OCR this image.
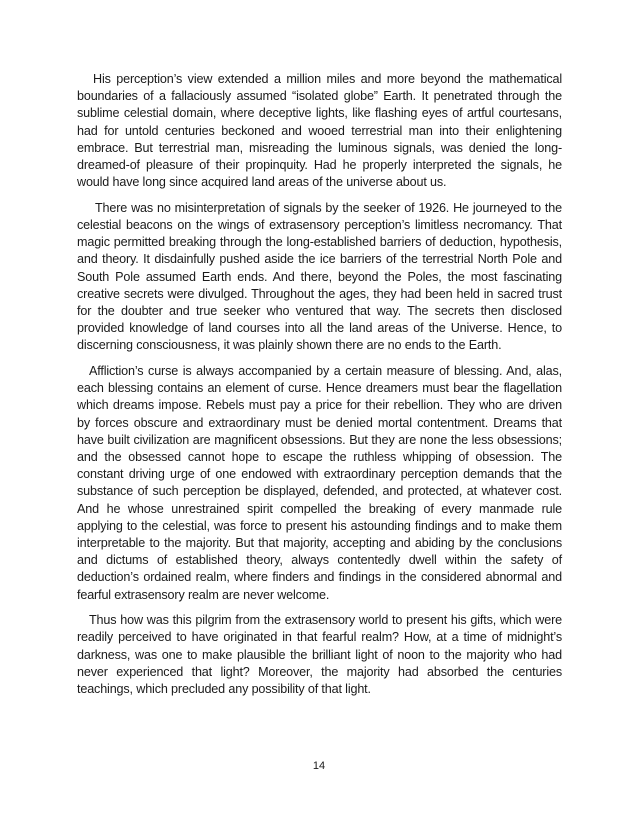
His perception’s view extended a million miles and more beyond the mathematical boundaries of a fallaciously assumed “isolated globe” Earth. It penetrated through the sublime celestial domain, where deceptive lights, like flashing eyes of artful courtesans, had for untold centuries beckoned and wooed terrestrial man into their enlightening embrace. But terrestrial man, misreading the luminous signals, was denied the long-dreamed-of pleasure of their propinquity. Had he properly interpreted the signals, he would have long since acquired land areas of the universe about us.

There was no misinterpretation of signals by the seeker of 1926. He journeyed to the celestial beacons on the wings of extrasensory perception’s limitless necromancy. That magic permitted breaking through the long-established barriers of deduction, hypothesis, and theory. It disdainfully pushed aside the ice barriers of the terrestrial North Pole and South Pole assumed Earth ends. And there, beyond the Poles, the most fascinating creative secrets were divulged. Throughout the ages, they had been held in sacred trust for the doubter and true seeker who ventured that way. The secrets then disclosed provided knowledge of land courses into all the land areas of the Universe. Hence, to discerning consciousness, it was plainly shown there are no ends to the Earth.

Affliction’s curse is always accompanied by a certain measure of blessing. And, alas, each blessing contains an element of curse. Hence dreamers must bear the flagellation which dreams impose. Rebels must pay a price for their rebellion. They who are driven by forces obscure and extraordinary must be denied mortal contentment. Dreams that have built civilization are magnificent obsessions. But they are none the less obsessions; and the obsessed cannot hope to escape the ruthless whipping of obsession. The constant driving urge of one endowed with extraordinary perception demands that the substance of such perception be displayed, defended, and protected, at whatever cost. And he whose unrestrained spirit compelled the breaking of every manmade rule applying to the celestial, was force to present his astounding findings and to make them interpretable to the majority. But that majority, accepting and abiding by the conclusions and dictums of established theory, always contentedly dwell within the safety of deduction’s ordained realm, where finders and findings in the considered abnormal and fearful extrasensory realm are never welcome.

Thus how was this pilgrim from the extrasensory world to present his gifts, which were readily perceived to have originated in that fearful realm? How, at a time of midnight’s darkness, was one to make plausible the brilliant light of noon to the majority who had never experienced that light? Moreover, the majority had absorbed the centuries teachings, which precluded any possibility of that light.

14
